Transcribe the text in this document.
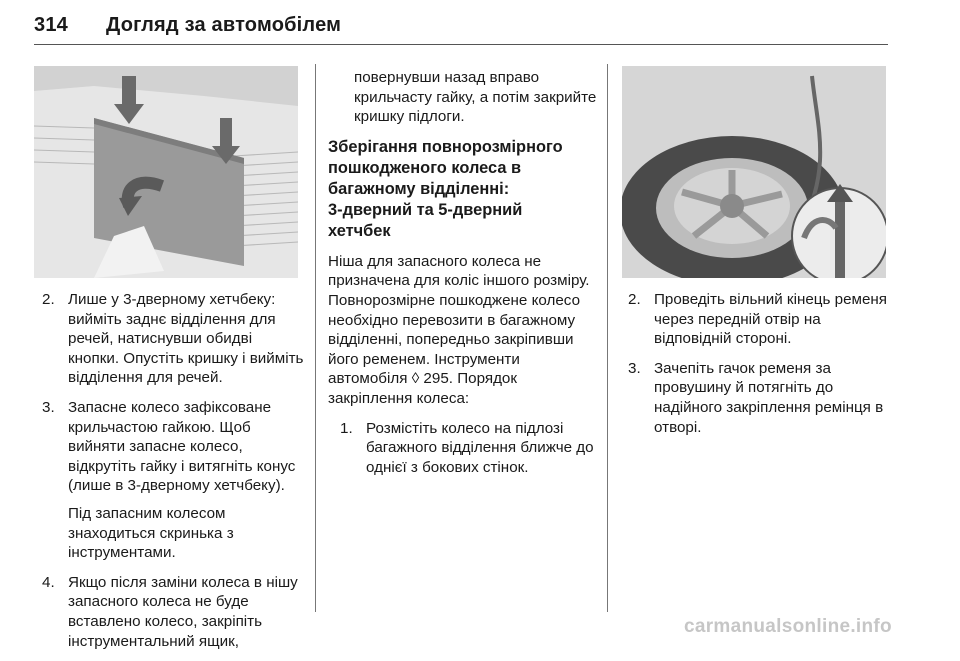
314 Догляд за автомобілем
2. Лише у 3-дверному хетчбеку: вийміть заднє відділення для речей, натиснувши обидві кнопки. Опустіть кришку і вийміть відділення для речей.
3. Запасне колесо зафіксоване крильчастою гайкою. Щоб вийняти запасне колесо, відкрутіть гайку і витягніть конус (лише в 3-дверному хетчбеку).

Під запасним колесом знаходиться скринька з інструментами.

4. Якщо після заміни колеса в нішу запасного колеса не буде вставлено колесо, закріпіть інструментальний ящик,
повернувши назад вправо крильчасту гайку, а потім закрийте кришку підлоги.
Зберігання повнорозмірного
пошкодженого колеса в
багажному відділенні:
3-дверний та 5-дверний
хетчбек
Ніша для запасного колеса не призначена для коліс іншого розміру. Повнорозмірне пошкоджене колесо необхідно перевозити в багажному відділенні, попередньо закріпивши його ременем. Інструменти автомобіля ◊ 295. Порядок закріплення колеса:
1. Розмістіть колесо на підлозі багажного відділення ближче до однієї з бокових стінок.
2. Проведіть вільний кінець ременя через передній отвір на відповідній стороні.
3. Зачепіть гачок ременя за провушину й потягніть до надійного закріплення ремінця в отворі.
carmanualsonline.info
